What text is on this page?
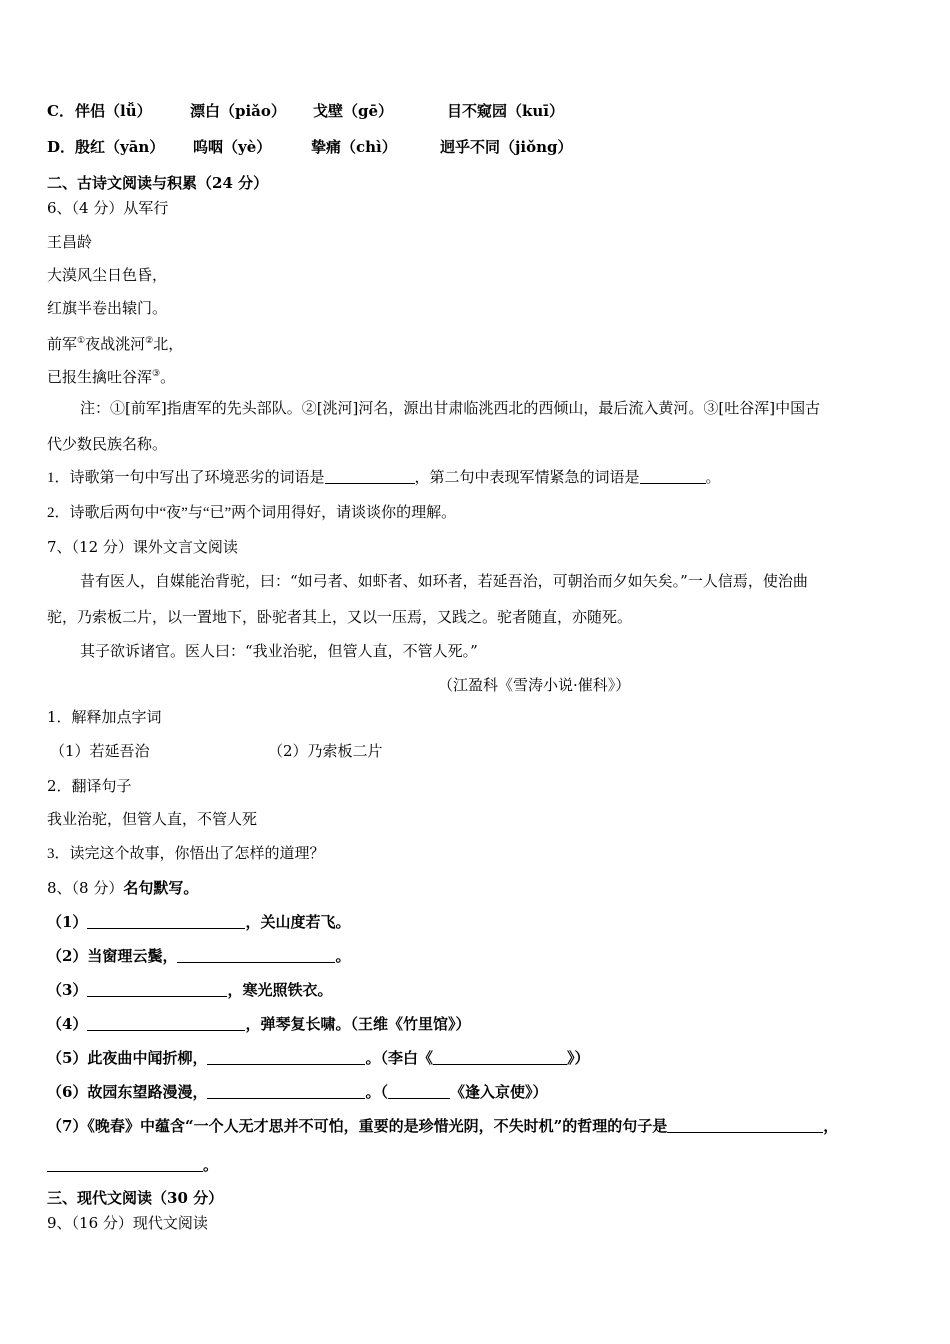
C． 伴侣（lǚ）	漂白（piǎo） 戈壁（gē）	目不窥园（kuī）
D． 殷红（yān） 呜咽（yè）	挚痛（chì）	迥乎不同（jiǒng）
二、古诗文阅读与积累（24 分）
6、（4 分）从军行
王昌龄
大漠风尘日色昏，
红旗半卷出辕门。
前军①夜战洮河②北，
已报生擒吐谷浑③。
注：①[前军]指唐军的先头部队。②[洮河]河名，源出甘肃临洮西北的西倾山，最后流入黄河。③[吐谷浑]中国古
代少数民族名称。
1．诗歌第一句中写出了环境恶劣的词语是	，第二句中表现军情紧急的词语是	。
2．诗歌后两句中“夜”与“已”两个词用得好，请谈谈你的理解。
7、（12 分）课外文言文阅读
昔有医人，自媒能治背驼，曰：“如弓者、如虾者、如环者，若延吾治，可朝治而夕如矢矣。”一人信焉，使治曲
驼，乃索板二片，以一置地下，卧驼者其上，又以一压焉，又践之。驼者随直，亦随死。
其子欲诉诸官。医人曰：“我业治驼，但管人直，不管人死。”
（江盈科《雪涛小说·催科》）
1．解释加点字词
（1）若延吾治	（2）乃索板二片
2．翻译句子
我业治驼，但管人直，不管人死
3．读完这个故事，你悟出了怎样的道理？
8、（8 分）名句默写。
（1）	，关山度若飞。
（2）当窗理云鬓，	。
（3）	，寒光照铁衣。
（4）	，弹琴复长啸。（王维《竹里馆》）
（5）此夜曲中闻折柳，	。（李白《	》）
（6）故园东望路漫漫，	。（	《逢入京使》）
（7）《晚春》中蕴含“一个人无才思并不可怕，重要的是珍惜光阴，不失时机”的哲理的句子是	，
。
三、现代文阅读（30 分）
9、（16 分）现代文阅读
